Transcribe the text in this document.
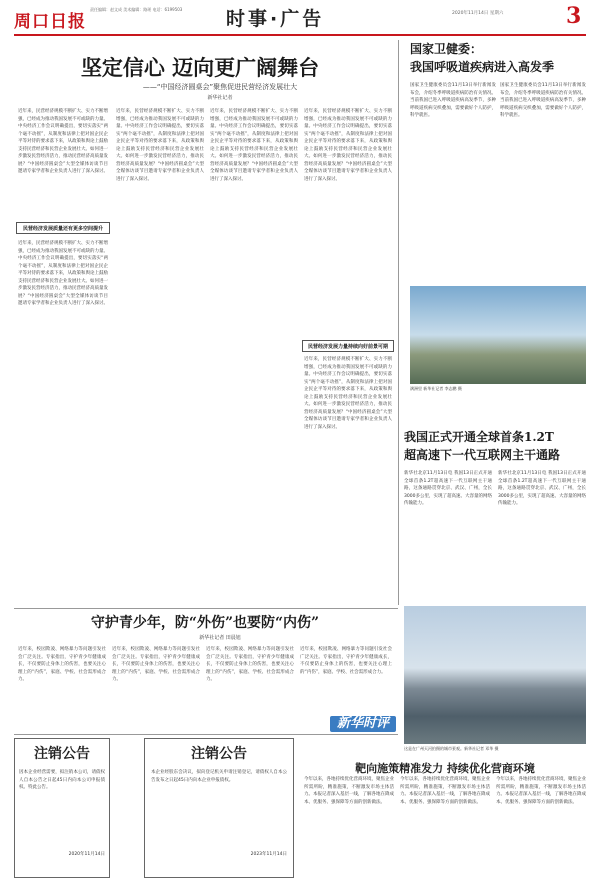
周口日报
责任编辑：赵文成 美术编辑：路瑶 电话：6199503	时事·广告	2020年11月14日 星期六	3
坚定信心 迈向更广阔舞台
——“中国经济圆桌会”聚焦促进民营经济发展壮大
新华社记者
近年来，民营经济规模不断扩大、实力不断增强，已经成为推动我国发展不可或缺的力量。中央经济工作会议明确提出，要切实落实“两个毫不动摇”，从制度和法律上把对国企民企平等对待的要求落下来，从政策和舆论上鼓励支持民营经济和民营企业发展壮大。如何进一步激发民营经济活力，推动民营经济高质量发展？“中国经济圆桌会”大型全媒体访谈节目邀请专家学者和企业负责人进行了深入探讨。
民营经济发展质量还有更多空间提升
近年来，民营经济规模不断扩大、实力不断增强，已经成为推动我国发展不可或缺的力量。中央经济工作会议明确提出，要切实落实“两个毫不动摇”，从制度和法律上把对国企民企平等对待的要求落下来，从政策和舆论上鼓励支持民营经济和民营企业发展壮大。如何进一步激发民营经济活力，推动民营经济高质量发展？“中国经济圆桌会”大型全媒体访谈节目邀请专家学者和企业负责人进行了深入探讨。
近年来，民营经济规模不断扩大、实力不断增强，已经成为推动我国发展不可或缺的力量。中央经济工作会议明确提出，要切实落实“两个毫不动摇”，从制度和法律上把对国企民企平等对待的要求落下来，从政策和舆论上鼓励支持民营经济和民营企业发展壮大。如何进一步激发民营经济活力，推动民营经济高质量发展？“中国经济圆桌会”大型全媒体访谈节目邀请专家学者和企业负责人进行了深入探讨。
近年来，民营经济规模不断扩大、实力不断增强，已经成为推动我国发展不可或缺的力量。中央经济工作会议明确提出，要切实落实“两个毫不动摇”，从制度和法律上把对国企民企平等对待的要求落下来，从政策和舆论上鼓励支持民营经济和民营企业发展壮大。如何进一步激发民营经济活力，推动民营经济高质量发展？“中国经济圆桌会”大型全媒体访谈节目邀请专家学者和企业负责人进行了深入探讨。
近年来，民营经济规模不断扩大、实力不断增强，已经成为推动我国发展不可或缺的力量。中央经济工作会议明确提出，要切实落实“两个毫不动摇”，从制度和法律上把对国企民企平等对待的要求落下来，从政策和舆论上鼓励支持民营经济和民营企业发展壮大。如何进一步激发民营经济活力，推动民营经济高质量发展？“中国经济圆桌会”大型全媒体访谈节目邀请专家学者和企业负责人进行了深入探讨。
民营经济发展力量持续向好前景可期
近年来，民营经济规模不断扩大、实力不断增强，已经成为推动我国发展不可或缺的力量。中央经济工作会议明确提出，要切实落实“两个毫不动摇”，从制度和法律上把对国企民企平等对待的要求落下来，从政策和舆论上鼓励支持民营经济和民营企业发展壮大。如何进一步激发民营经济活力，推动民营经济高质量发展？“中国经济圆桌会”大型全媒体访谈节目邀请专家学者和企业负责人进行了深入探讨。
国家卫健委：
我国呼吸道疾病进入高发季
国家卫生健康委员会11月13日举行新闻发布会，介绍冬季呼吸道疾病防治有关情况。当前我国已进入呼吸道疾病高发季节，多种呼吸道疾病交织叠加，需要做好个人防护，科学就医。
国家卫生健康委员会11月13日举行新闻发布会，介绍冬季呼吸道疾病防治有关情况。当前我国已进入呼吸道疾病高发季节，多种呼吸道疾病交织叠加，需要做好个人防护，科学就医。
满洲里 新华社记者 李志鹏 摄
我国正式开通全球首条1.2T
超高速下一代互联网主干通路
新华社北京11月13日电 我国13日正式开通全球首条1.2T超高速下一代互联网主干通路，这条通路贯穿北京、武汉、广州，全长3000多公里，实现了超高速、大容量的网络传输能力。
新华社北京11月13日电 我国13日正式开通全球首条1.2T超高速下一代互联网主干通路，这条通路贯穿北京、武汉、广州，全长3000多公里，实现了超高速、大容量的网络传输能力。
守护青少年，防“外伤”也要防“内伤”
新华社记者 田晨旭
近年来，校园欺凌、网络暴力等问题引发社会广泛关注。专家指出，守护青少年健康成长，不仅要防止身体上的伤害，也要关注心理上的“内伤”，家庭、学校、社会需形成合力。
近年来，校园欺凌、网络暴力等问题引发社会广泛关注。专家指出，守护青少年健康成长，不仅要防止身体上的伤害，也要关注心理上的“内伤”，家庭、学校、社会需形成合力。
近年来，校园欺凌、网络暴力等问题引发社会广泛关注。专家指出，守护青少年健康成长，不仅要防止身体上的伤害，也要关注心理上的“内伤”，家庭、学校、社会需形成合力。
近年来，校园欺凌、网络暴力等问题引发社会广泛关注。专家指出，守护青少年健康成长，不仅要防止身体上的伤害，也要关注心理上的“内伤”，家庭、学校、社会需形成合力。
新华时评
这是在广州天河拍摄的城市景观。新华社记者 邓华 摄
注销公告
因本企业经营需要，拟注销本公司，请债权人自本公告之日起45日内向本公司申报债权。特此公告。
2020年11月14日
注销公告
本企业经股东会决议，拟向登记机关申请注销登记，请债权人自本公告发布之日起45日内向本企业申报债权。
2023年11月14日
靶向施策精准发力 持续优化营商环境
今年以来，各地持续优化营商环境，聚焦企业所需所盼，精准施策，不断激发市场主体活力。本报记者深入基层一线，了解各地在降成本、优服务、强保障等方面的创新做法。
今年以来，各地持续优化营商环境，聚焦企业所需所盼，精准施策，不断激发市场主体活力。本报记者深入基层一线，了解各地在降成本、优服务、强保障等方面的创新做法。
今年以来，各地持续优化营商环境，聚焦企业所需所盼，精准施策，不断激发市场主体活力。本报记者深入基层一线，了解各地在降成本、优服务、强保障等方面的创新做法。
